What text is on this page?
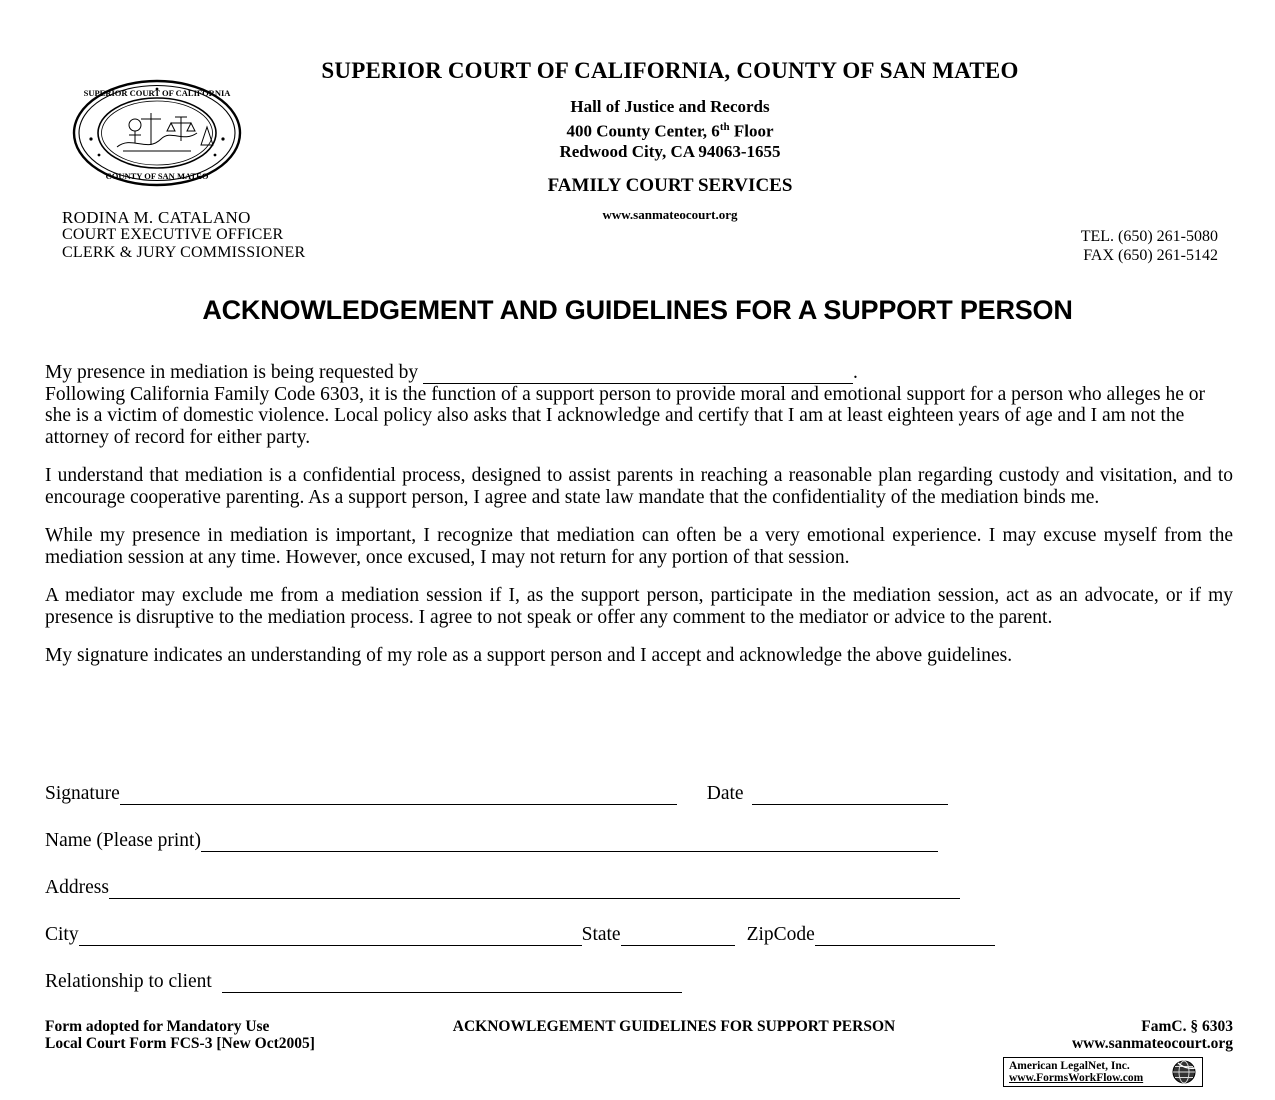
SUPERIOR COURT OF CALIFORNIA
COUNTY OF SAN MATEO
SUPERIOR COURT OF CALIFORNIA, COUNTY OF SAN MATEO
Hall of Justice and Records
400 County Center, 6th Floor
Redwood City, CA 94063-1655
FAMILY COURT SERVICES
www.sanmateocourt.org
RODINA M. CATALANO
COURT EXECUTIVE OFFICER
CLERK & JURY COMMISSIONER
TEL. (650) 261-5080
FAX (650) 261-5142
ACKNOWLEDGEMENT AND GUIDELINES FOR A SUPPORT PERSON
My presence in mediation is being requested by	.
Following California Family Code 6303, it is the function of a support person to provide moral and emotional support for a person who alleges he or she is a victim of domestic violence. Local policy also asks that I acknowledge and certify that I am at least eighteen years of age and I am not the attorney of record for either party.
I understand that mediation is a confidential process, designed to assist parents in reaching a reasonable plan regarding custody and visitation, and to encourage cooperative parenting. As a support person, I agree and state law mandate that the confidentiality of the mediation binds me.
While my presence in mediation is important, I recognize that mediation can often be a very emotional experience. I may excuse myself from the mediation session at any time. However, once excused, I may not return for any portion of that session.
A mediator may exclude me from a mediation session if I, as the support person, participate in the mediation session, act as an advocate, or if my presence is disruptive to the mediation process. I agree to not speak or offer any comment to the mediator or advice to the parent.
My signature indicates an understanding of my role as a support person and I accept and acknowledge the above guidelines.
Signature	Date
Name (Please print)
Address
City	State	ZipCode
Relationship to client
Form adopted for Mandatory Use
Local Court Form FCS-3 [New Oct2005]
ACKNOWLEGEMENT GUIDELINES FOR SUPPORT PERSON	FamC. § 6303
www.sanmateocourt.org
American LegalNet, Inc.
www.FormsWorkFlow.com
